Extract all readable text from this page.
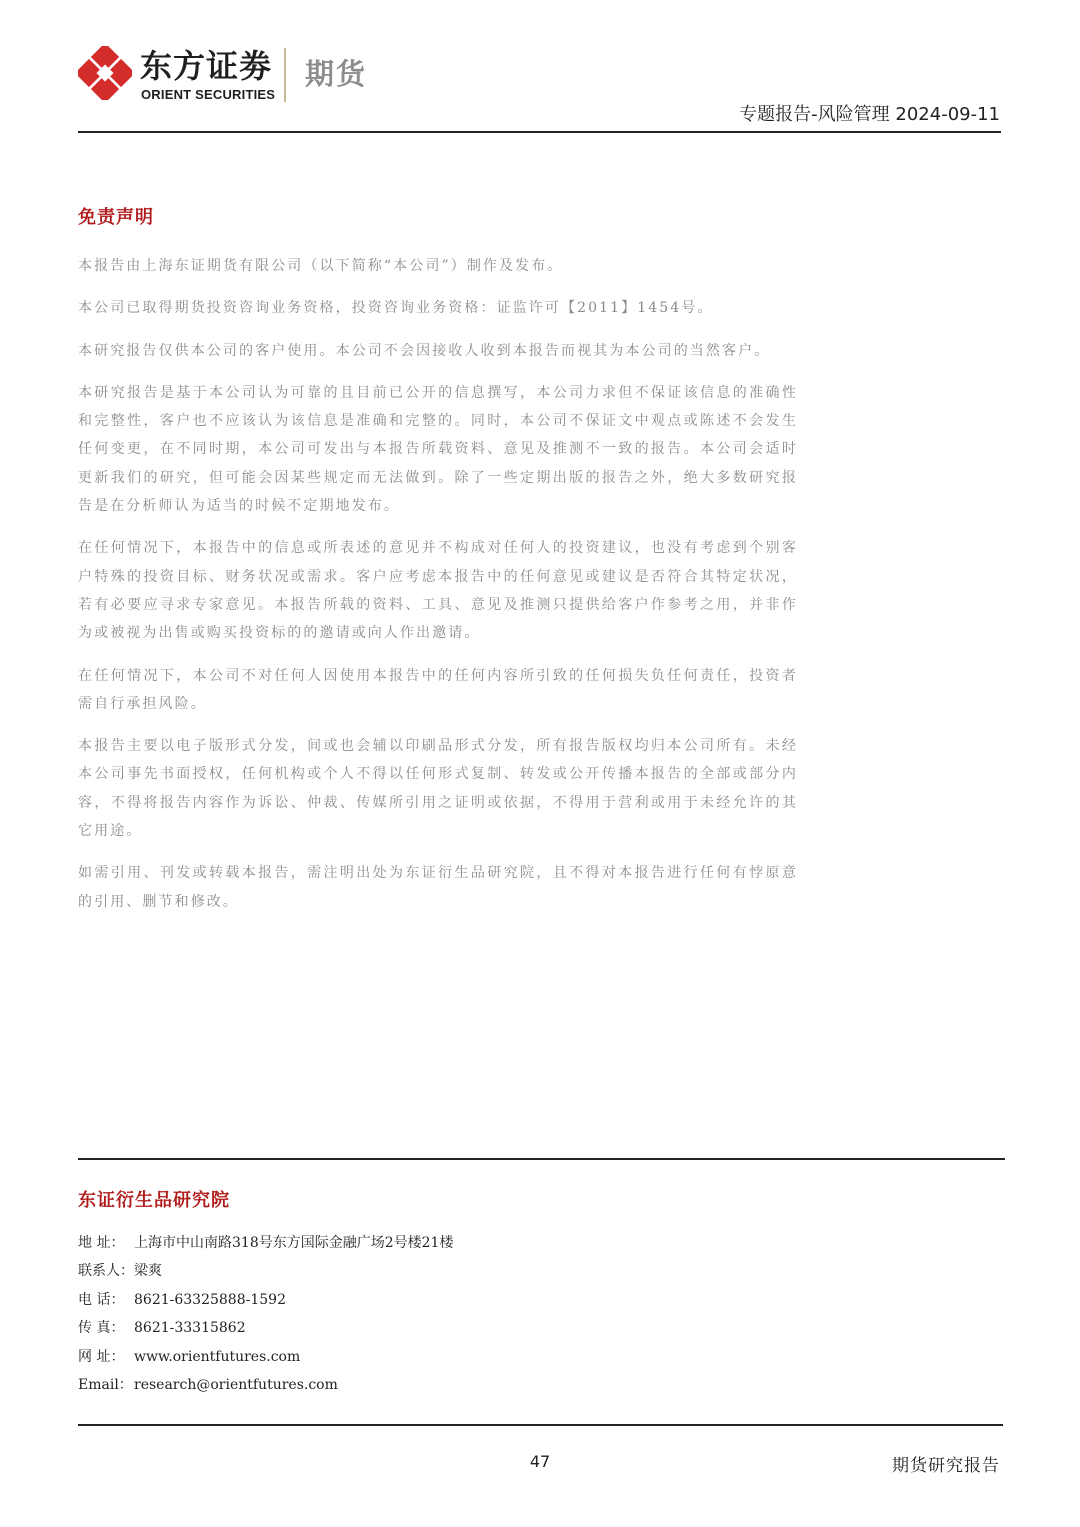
东方证劵
ORIENT SECURITIES
期货
专题报告-风险管理 2024-09-11
免责声明

本报告由上海东证期货有限公司（以下简称“本公司”）制作及发布。

本公司已取得期货投资咨询业务资格，投资咨询业务资格：证监许可【2011】1454号。

本研究报告仅供本公司的客户使用。本公司不会因接收人收到本报告而视其为本公司的当然客户。

本研究报告是基于本公司认为可靠的且目前已公开的信息撰写，本公司力求但不保证该信息的准确性和完整性，客户也不应该认为该信息是准确和完整的。同时，本公司不保证文中观点或陈述不会发生任何变更，在不同时期，本公司可发出与本报告所载资料、意见及推测不一致的报告。本公司会适时更新我们的研究，但可能会因某些规定而无法做到。除了一些定期出版的报告之外，绝大多数研究报告是在分析师认为适当的时候不定期地发布。

在任何情况下，本报告中的信息或所表述的意见并不构成对任何人的投资建议，也没有考虑到个别客户特殊的投资目标、财务状况或需求。客户应考虑本报告中的任何意见或建议是否符合其特定状况，若有必要应寻求专家意见。本报告所载的资料、工具、意见及推测只提供给客户作参考之用，并非作为或被视为出售或购买投资标的的邀请或向人作出邀请。

在任何情况下，本公司不对任何人因使用本报告中的任何内容所引致的任何损失负任何责任，投资者需自行承担风险。

本报告主要以电子版形式分发，间或也会辅以印刷品形式分发，所有报告版权均归本公司所有。未经本公司事先书面授权，任何机构或个人不得以任何形式复制、转发或公开传播本报告的全部或部分内容，不得将报告内容作为诉讼、仲裁、传媒所引用之证明或依据，不得用于营利或用于未经允许的其它用途。

如需引用、刊发或转载本报告，需注明出处为东证衍生品研究院，且不得对本报告进行任何有悖原意的引用、删节和修改。

东证衍生品研究院
地 址： 上海市中山南路318号东方国际金融广场2号楼21楼
联系人：梁爽
电 话： 8621-63325888-1592
传 真： 8621-33315862
网 址： www.orientfutures.com
Email：research@orientfutures.com
47	期货研究报告
